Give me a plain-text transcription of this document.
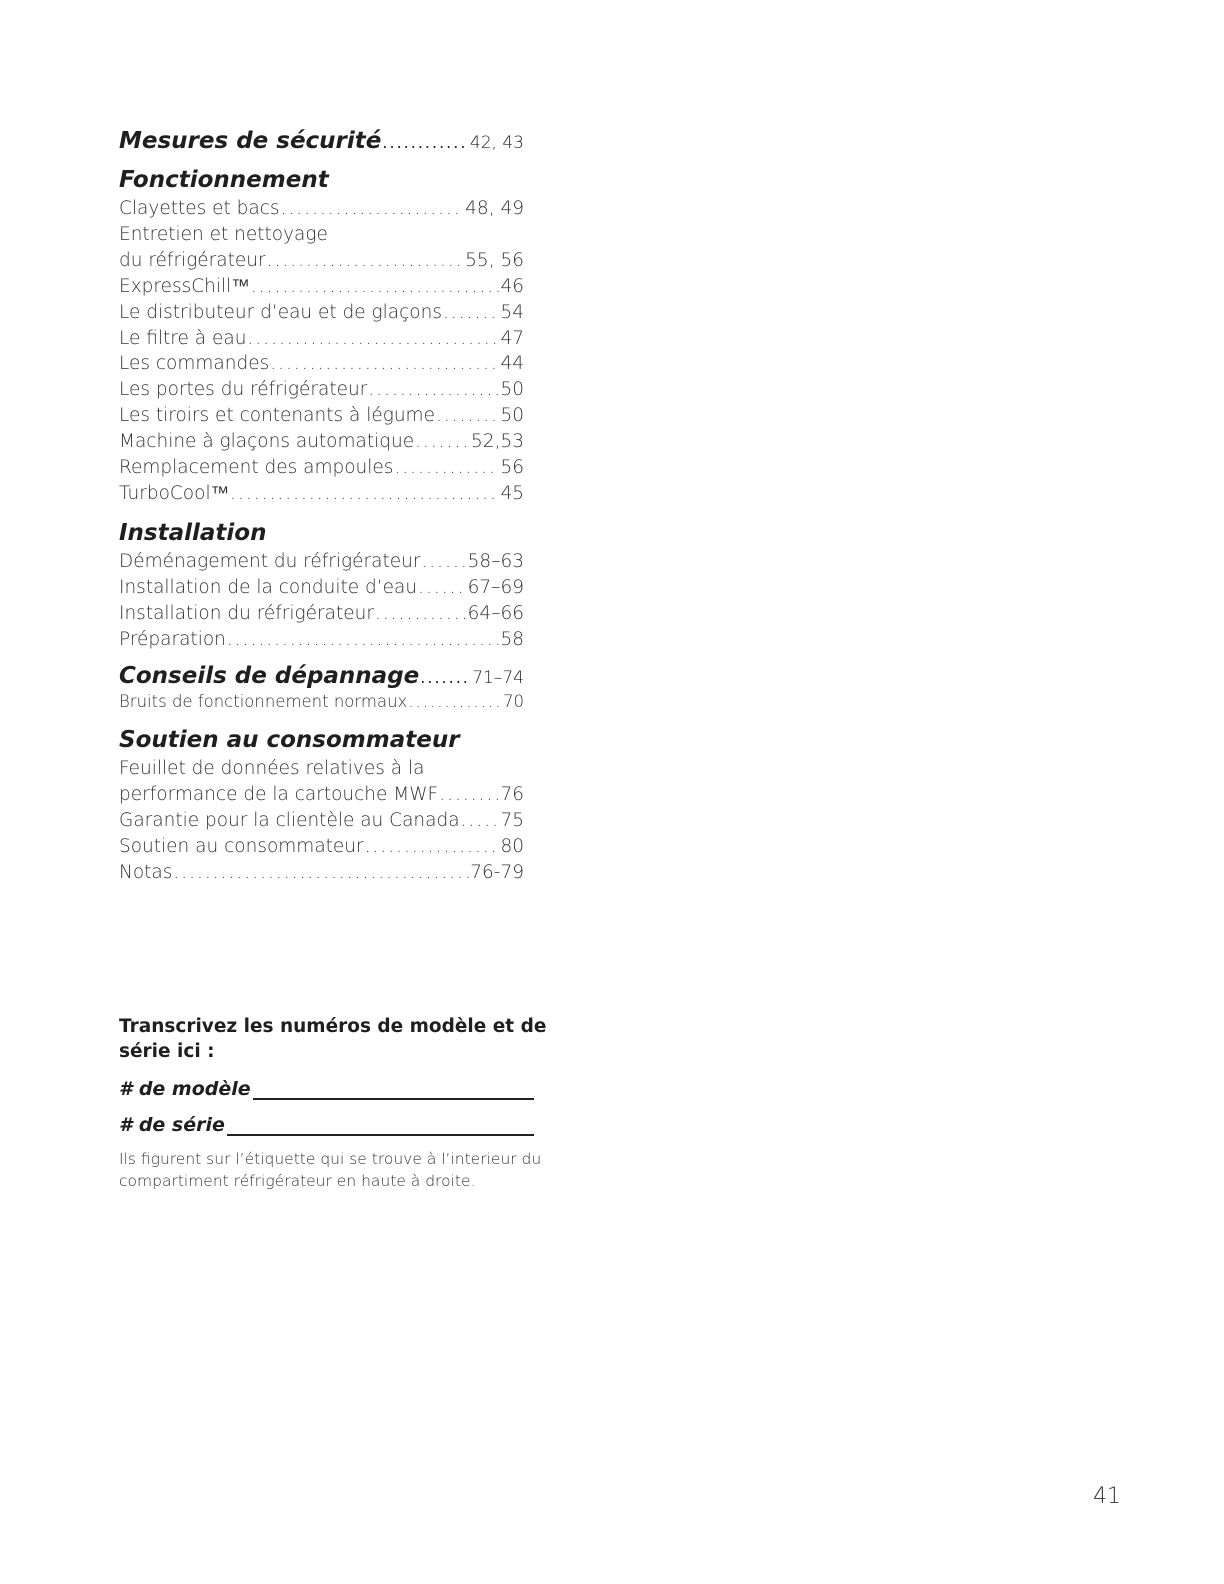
Mesures de sécurité .....	42, 43
Fonctionnement
Clayettes et bacs .....	48, 49
Entretien et nettoyage
du réfrigérateur .....	55, 56
ExpressChill™ .....	46
Le distributeur d’eau et de glaçons .....	54
Le filtre à eau .....	47
Les commandes .....	44
Les portes du réfrigérateur .....	50
Les tiroirs et contenants à légume .....	50
Machine à glaçons automatique .....	52,53
Remplacement des ampoules .....	56
TurboCool™ .....	45
Installation
Déménagement du réfrigérateur .....	58–63
Installation de la conduite d’eau .....	67–69
Installation du réfrigérateur .....	64–66
Préparation .....	58
Conseils de dépannage .....	71–74
Bruits de fonctionnement normaux .....	70
Soutien au consommateur
Feuillet de données relatives à la
performance de la cartouche MWF .....	76
Garantie pour la clientèle au Canada ..... 75
Soutien au consommateur .....	80
Notas .....	76-79
Transcrivez les numéros de modèle et de série ici :
# de modèle
# de série
Ils figurent sur l’étiquette qui se trouve à l’interieur du compartiment réfrigérateur en haute à droite.
41
